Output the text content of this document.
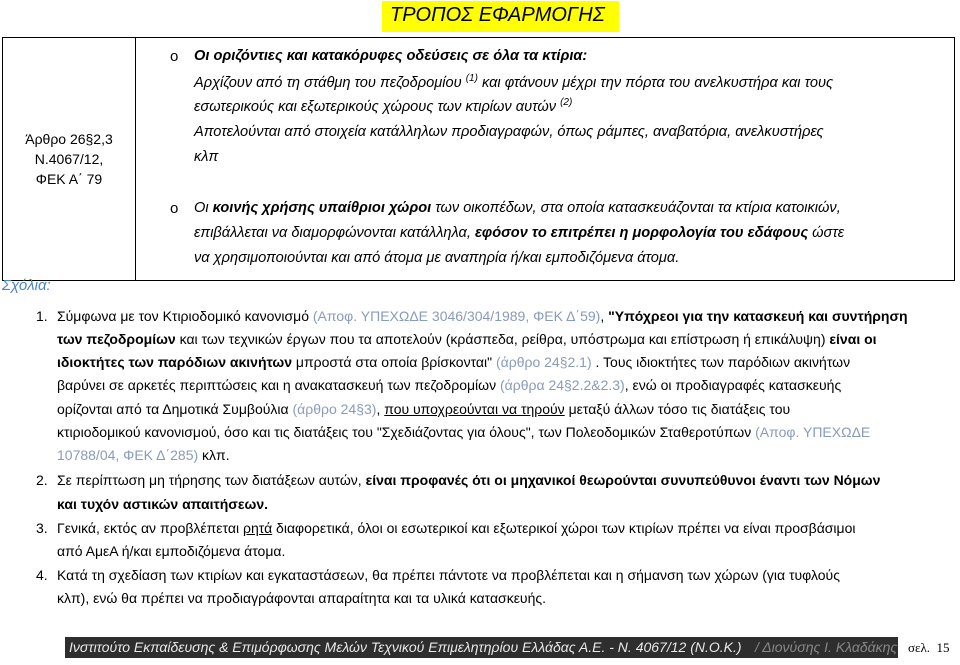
ΤΡΟΠΟΣ ΕΦΑΡΜΟΓΗΣ
Άρθρο 26§2,3
Ν.4067/12,
ΦΕΚ Α΄ 79
o Οι οριζόντιες και κατακόρυφες οδεύσεις σε όλα τα κτίρια:
Αρχίζουν από τη στάθμη του πεζοδρομίου $^{(1)}$ και φτάνουν μέχρι την πόρτα του ανελκυστήρα και τους
εσωτερικούς και εξωτερικούς χώρους των κτιρίων αυτών $^{(2)}$
Αποτελούνται από στοιχεία κατάλληλων προδιαγραφών, όπως ράμπες, αναβατόρια, ανελκυστήρες
κλπ
o Οι κοινής χρήσης υπαίθριοι χώροι των οικοπέδων, στα οποία κατασκευάζονται τα κτίρια κατοικιών,
επιβάλλεται να διαμορφώνονται κατάλληλα, εφόσον το επιτρέπει η μορφολογία του εδάφους ώστε
να χρησιμοποιούνται και από άτομα με αναπηρία ή/και εμποδιζόμενα άτομα.
Σχόλια:
1. Σύμφωνα με τον Κτιριοδομικό κανονισμό (Αποφ. ΥΠΕΧΩΔΕ 3046/304/1989, ΦΕΚ Δ΄59), "Υπόχρεοι για την κατασκευή και συντήρηση
των πεζοδρομίων και των τεχνικών έργων που τα αποτελούν (κράσπεδα, ρείθρα, υπόστρωμα και επίστρωση ή επικάλυψη) είναι οι
ιδιοκτήτες των παρόδιων ακινήτων μπροστά στα οποία βρίσκονται" (άρθρο 24§2.1) . Τους ιδιοκτήτες των παρόδιων ακινήτων
βαρύνει σε αρκετές περιπτώσεις και η ανακατασκευή των πεζοδρομίων (άρθρα 24§2.2&2.3), ενώ οι προδιαγραφές κατασκευής
ορίζονται από τα Δημοτικά Συμβούλια (άρθρο 24§3), που υποχρεούνται να τηρούν μεταξύ άλλων τόσο τις διατάξεις του
κτιριοδομικού κανονισμού, όσο και τις διατάξεις του "Σχεδιάζοντας για όλους", των Πολεοδομικών Σταθεροτύπων (Αποφ. ΥΠΕΧΩΔΕ
10788/04, ΦΕΚ Δ΄285) κλπ.
2. Σε περίπτωση μη τήρησης των διατάξεων αυτών, είναι προφανές ότι οι μηχανικοί θεωρούνται συνυπεύθυνοι έναντι των Νόμων
και τυχόν αστικών απαιτήσεων.
3. Γενικά, εκτός αν προβλέπεται ρητά διαφορετικά, όλοι οι εσωτερικοί και εξωτερικοί χώροι των κτιρίων πρέπει να είναι προσβάσιμοι
από ΑμεΑ ή/και εμποδιζόμενα άτομα.
4. Κατά τη σχεδίαση των κτιρίων και εγκαταστάσεων, θα πρέπει πάντοτε να προβλέπεται και η σήμανση των χώρων (για τυφλούς
κλπ), ενώ θα πρέπει να προδιαγράφονται απαραίτητα και τα υλικά κατασκευής.
Ινστιτούτο Εκπαίδευσης & Επιμόρφωσης Μελών Τεχνικού Επιμελητηρίου Ελλάδας Α.Ε. - Ν. 4067/12 (Ν.Ο.Κ.) / Διονύσης Ι. Κλαδάκης σελ. 15
